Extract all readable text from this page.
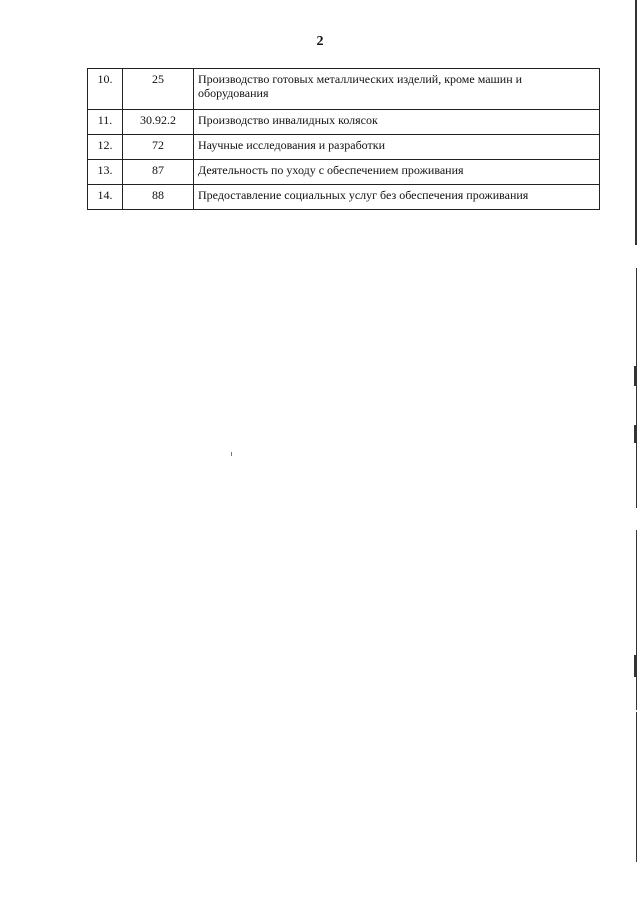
2
10.	25	Производство готовых металлических изделий, кроме машин и оборудования
11.	30.92.2	Производство инвалидных колясок
12.	72	Научные исследования и разработки
13.	87	Деятельность по уходу с обеспечением проживания
14.	88	Предоставление социальных услуг без обеспечения проживания
